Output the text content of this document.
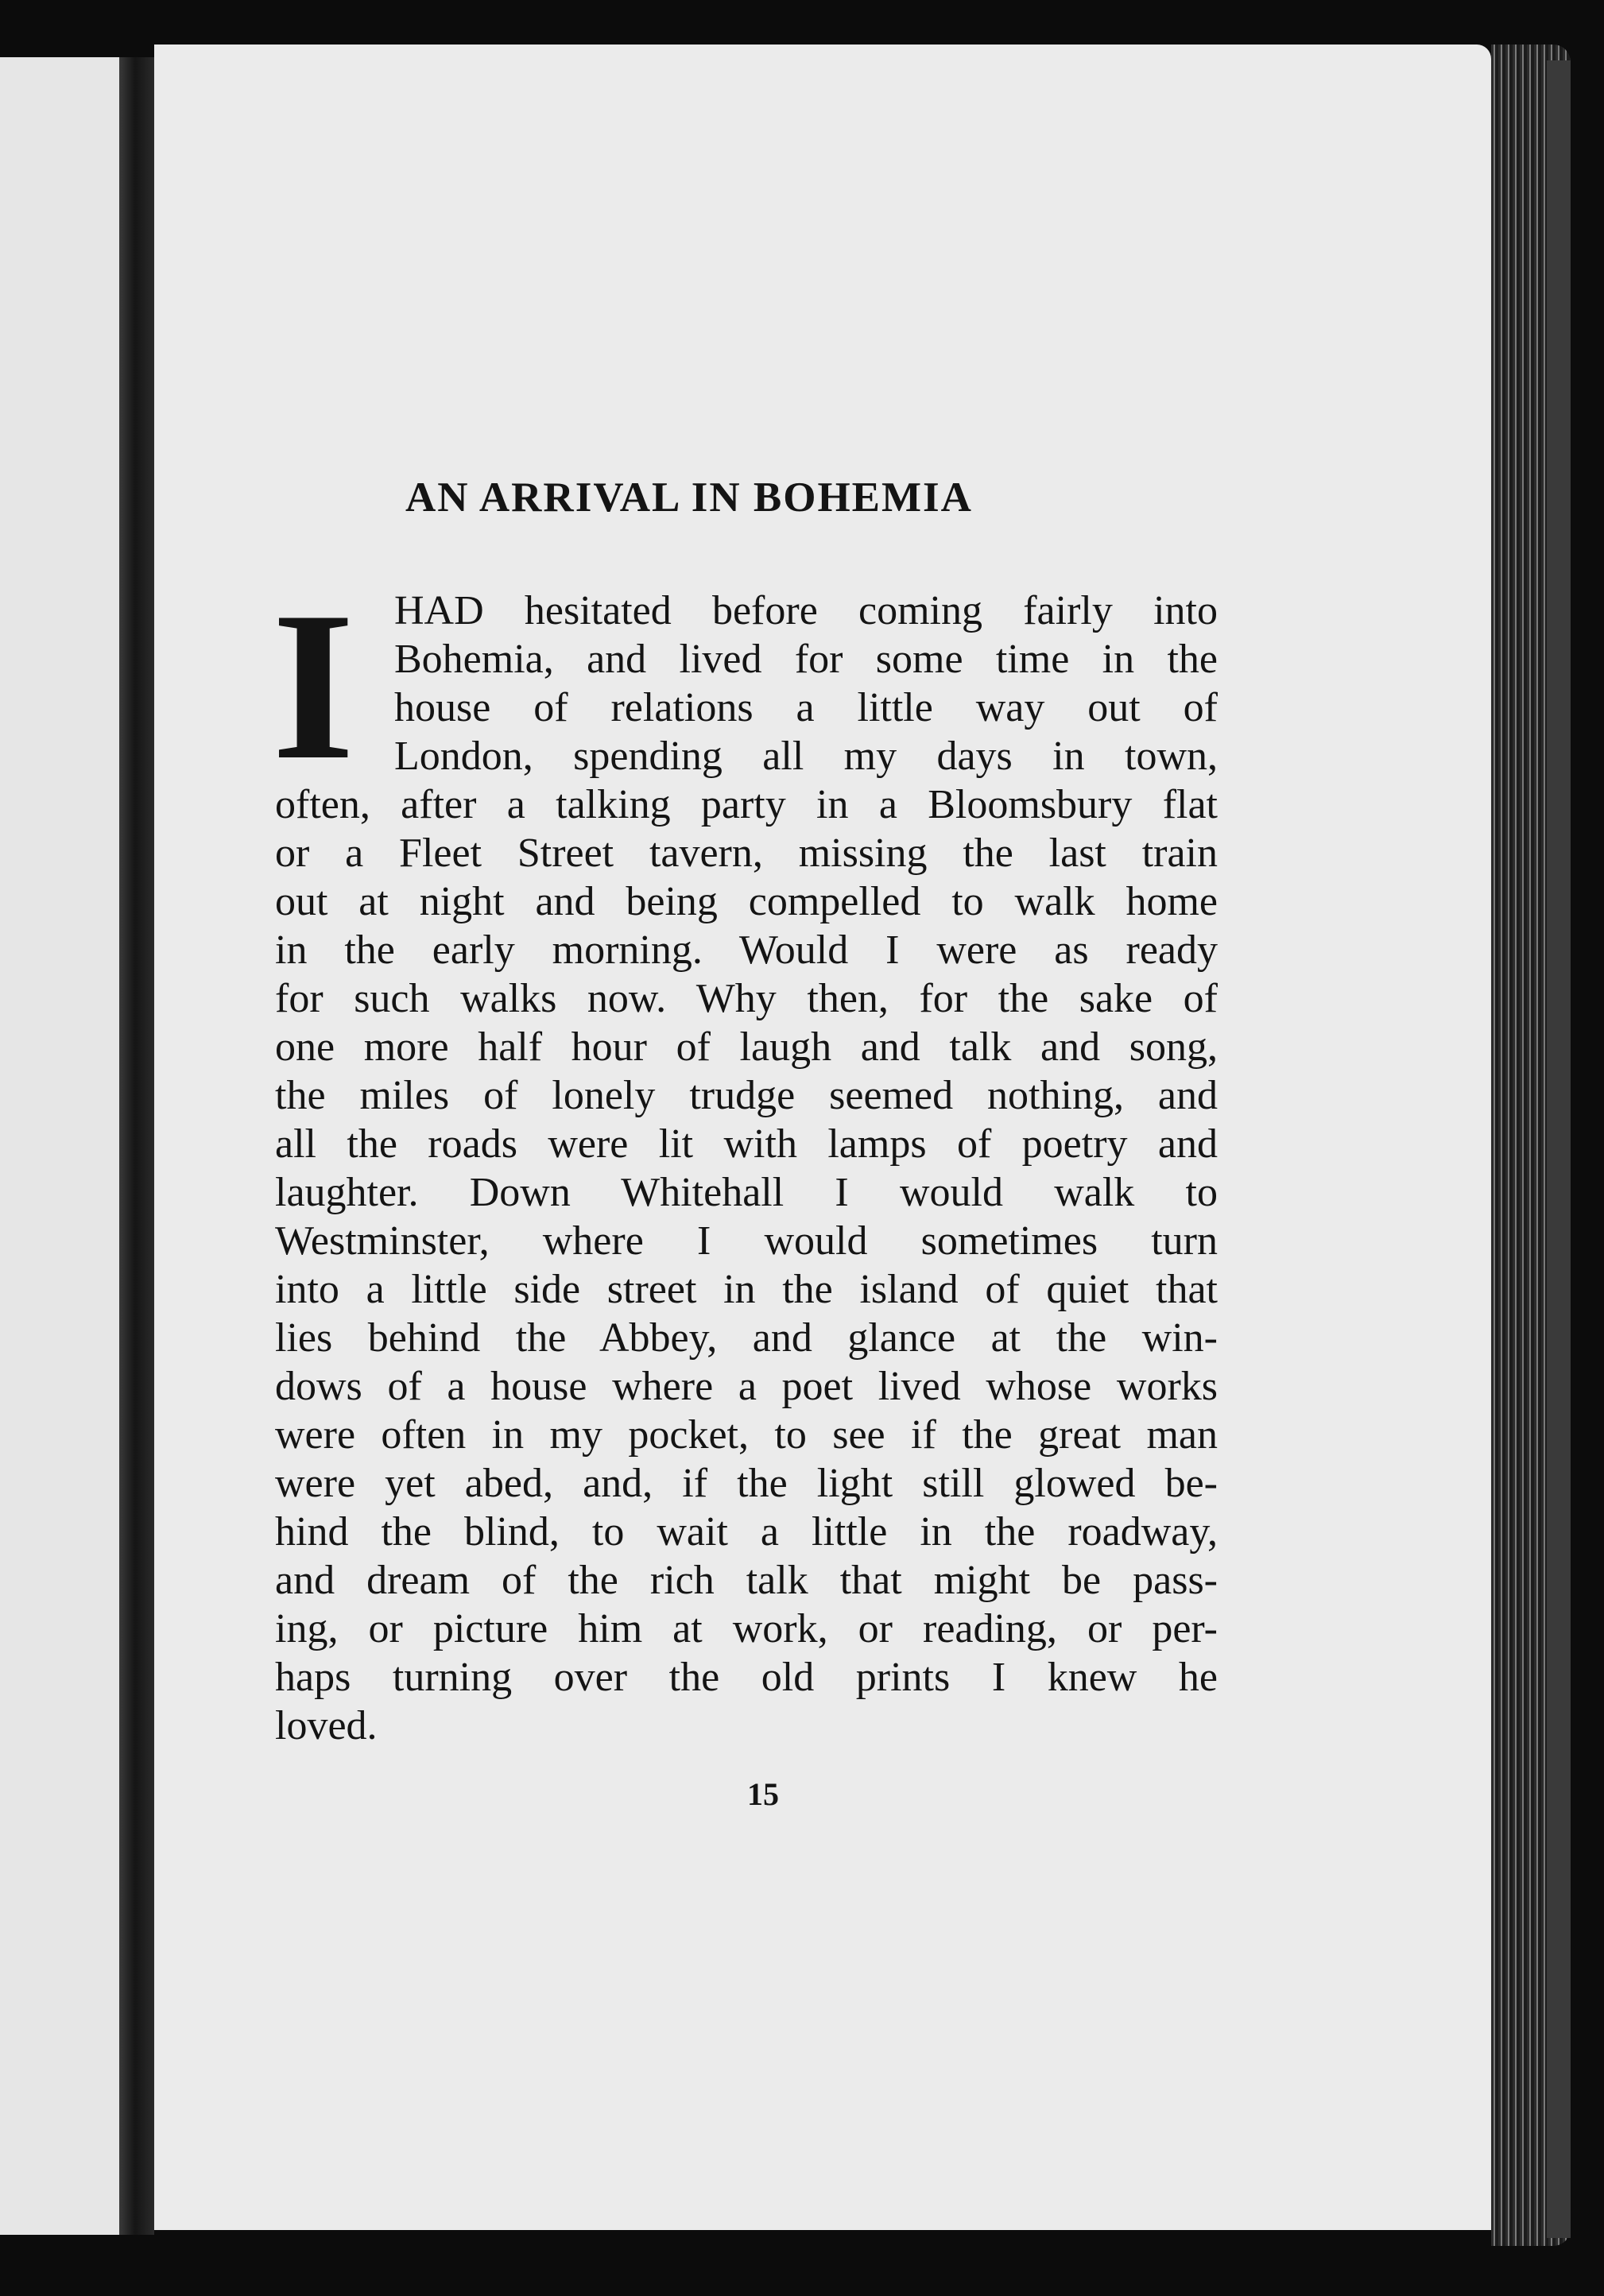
AN ARRIVAL IN BOHEMIA
I HAD hesitated before coming fairly into
Bohemia, and lived for some time in the
house of relations a little way out of
London, spending all my days in town,
often, after a talking party in a Bloomsbury flat
or a Fleet Street tavern, missing the last train
out at night and being compelled to walk home
in the early morning. Would I were as ready
for such walks now. Why then, for the sake of
one more half hour of laugh and talk and song,
the miles of lonely trudge seemed nothing, and
all the roads were lit with lamps of poetry and
laughter. Down Whitehall I would walk to
Westminster, where I would sometimes turn
into a little side street in the island of quiet that
lies behind the Abbey, and glance at the win-
dows of a house where a poet lived whose works
were often in my pocket, to see if the great man
were yet abed, and, if the light still glowed be-
hind the blind, to wait a little in the roadway,
and dream of the rich talk that might be pass-
ing, or picture him at work, or reading, or per-
haps turning over the old prints I knew he
loved.
15
